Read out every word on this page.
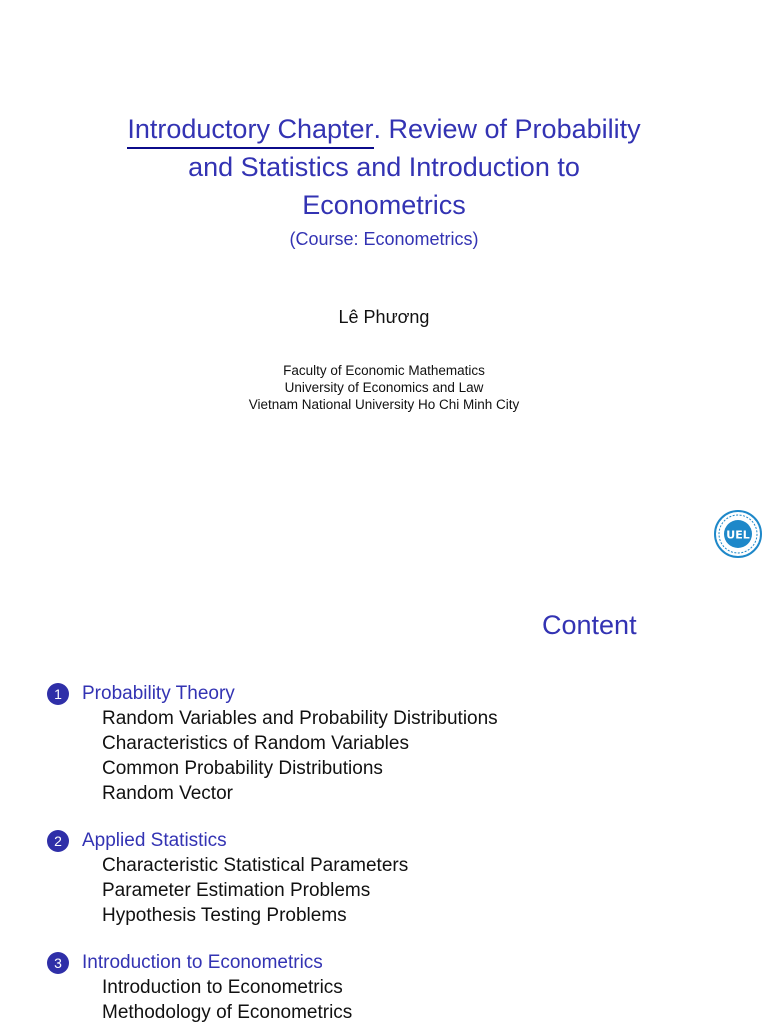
Introductory Chapter. Review of Probability
and Statistics and Introduction to
Econometrics
(Course: Econometrics)
Lê Phương
Faculty of Economic Mathematics
University of Economics and Law
Vietnam National University Ho Chi Minh City
UEL
Content
1	Probability Theory
Random Variables and Probability Distributions
Characteristics of Random Variables
Common Probability Distributions
Random Vector
2	Applied Statistics
Characteristic Statistical Parameters
Parameter Estimation Problems
Hypothesis Testing Problems
3	Introduction to Econometrics
Introduction to Econometrics
Methodology of Econometrics
